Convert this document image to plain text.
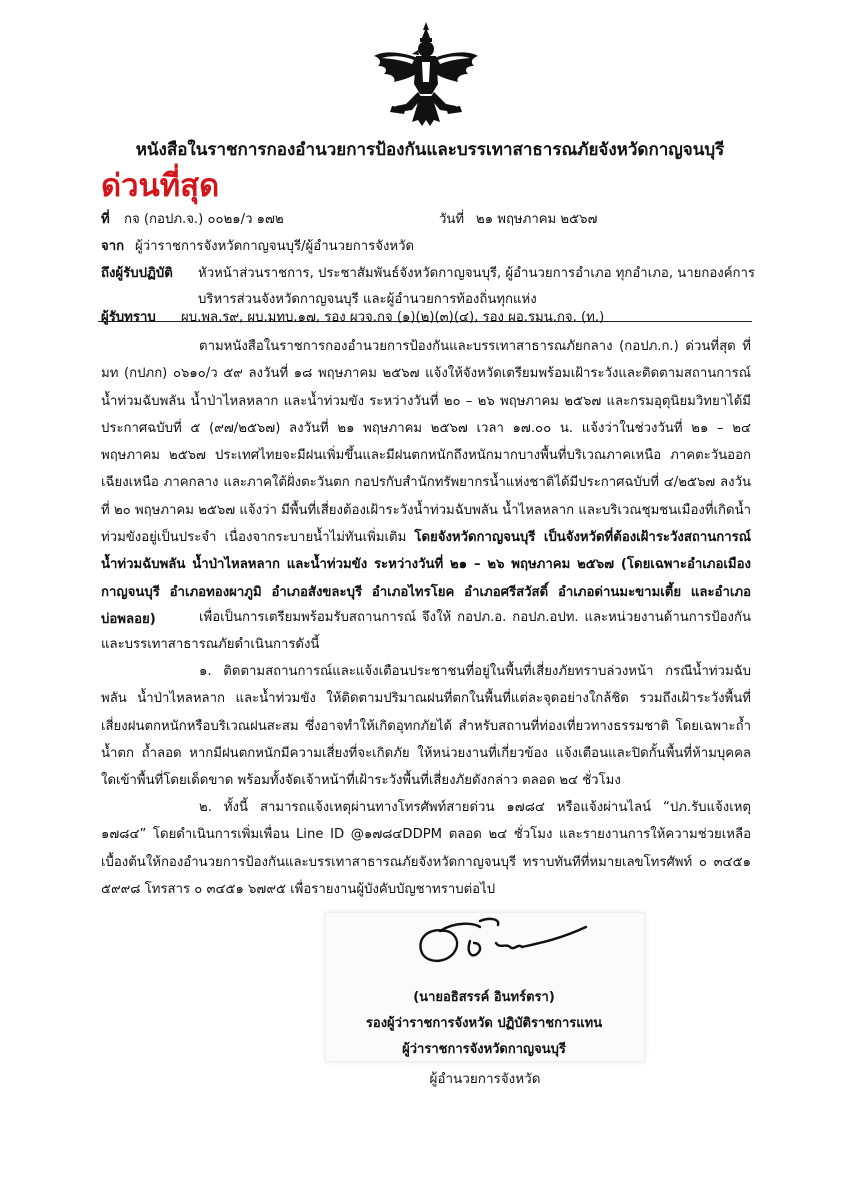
หนังสือในราชการกองอำนวยการป้องกันและบรรเทาสาธารณภัยจังหวัดกาญจนบุรี
ด่วนที่สุด
ที่ กจ (กอปภ.จ.) ๐๐๒๑/ว ๑๗๒	วันที่ ๒๑ พฤษภาคม ๒๕๖๗
จาก ผู้ว่าราชการจังหวัดกาญจนบุรี/ผู้อำนวยการจังหวัด
ถึงผู้รับปฏิบัติ หัวหน้าส่วนราชการ, ประชาสัมพันธ์จังหวัดกาญจนบุรี, ผู้อำนวยการอำเภอ ทุกอำเภอ, นายกองค์การ
บริหารส่วนจังหวัดกาญจนบุรี และผู้อำนวยการท้องถิ่นทุกแห่ง
ผู้รับทราบ ผบ.พล.ร๙, ผบ.มทบ.๑๗, รอง ผวจ.กจ (๑)(๒)(๓)(๔), รอง ผอ.รมน.กจ. (ท.)
ตามหนังสือในราชการกองอำนวยการป้องกันและบรรเทาสาธารณภัยกลาง (กอปภ.ก.) ด่วนที่สุด ที่ มท (กปภก) ๐๖๑๐/ว ๕๙ ลงวันที่ ๑๘ พฤษภาคม ๒๕๖๗ แจ้งให้จังหวัดเตรียมพร้อมเฝ้าระวังและติดตามสถานการณ์น้ำท่วมฉับพลัน น้ำป่าไหลหลาก และน้ำท่วมขัง ระหว่างวันที่ ๒๐ – ๒๖ พฤษภาคม ๒๕๖๗ และกรมอุตุนิยมวิทยาได้มีประกาศฉบับที่ ๕ (๙๗/๒๕๖๗) ลงวันที่ ๒๑ พฤษภาคม ๒๕๖๗ เวลา ๑๗.๐๐ น. แจ้งว่าในช่วงวันที่ ๒๑ – ๒๔ พฤษภาคม ๒๕๖๗ ประเทศไทยจะมีฝนเพิ่มขึ้นและมีฝนตกหนักถึงหนักมากบางพื้นที่บริเวณภาคเหนือ ภาคตะวันออกเฉียงเหนือ ภาคกลาง และภาคใต้ฝั่งตะวันตก กอปรกับสำนักทรัพยากรน้ำแห่งชาติได้มีประกาศฉบับที่ ๔/๒๕๖๗ ลงวันที่ ๒๐ พฤษภาคม ๒๕๖๗ แจ้งว่า มีพื้นที่เสี่ยงต้องเฝ้าระวังน้ำท่วมฉับพลัน น้ำไหลหลาก และบริเวณชุมชนเมืองที่เกิดน้ำท่วมขังอยู่เป็นประจำ เนื่องจากระบายน้ำไม่ทันเพิ่มเติม โดยจังหวัดกาญจนบุรี เป็นจังหวัดที่ต้องเฝ้าระวังสถานการณ์น้ำท่วมฉับพลัน น้ำป่าไหลหลาก และน้ำท่วมขัง ระหว่างวันที่ ๒๑ – ๒๖ พฤษภาคม ๒๕๖๗ (โดยเฉพาะอำเภอเมืองกาญจนบุรี อำเภอทองผาภูมิ อำเภอสังขละบุรี อำเภอไทรโยค อำเภอศรีสวัสดิ์ อำเภอด่านมะขามเตี้ย และอำเภอบ่อพลอย)	เพื่อเป็นการเตรียมพร้อมรับสถานการณ์ จึงให้ กอปภ.อ. กอปภ.อปท. และหน่วยงานด้านการป้องกันและบรรเทาสาธารณภัยดำเนินการดังนี้
๑. ติดตามสถานการณ์และแจ้งเตือนประชาชนที่อยู่ในพื้นที่เสี่ยงภัยทราบล่วงหน้า กรณีน้ำท่วมฉับพลัน น้ำป่าไหลหลาก และน้ำท่วมขัง ให้ติดตามปริมาณฝนที่ตกในพื้นที่แต่ละจุดอย่างใกล้ชิด รวมถึงเฝ้าระวังพื้นที่เสี่ยงฝนตกหนักหรือบริเวณฝนสะสม ซึ่งอาจทำให้เกิดอุทกภัยได้ สำหรับสถานที่ท่องเที่ยวทางธรรมชาติ โดยเฉพาะถ้ำน้ำตก ถ้ำลอด หากมีฝนตกหนักมีความเสี่ยงที่จะเกิดภัย ให้หน่วยงานที่เกี่ยวข้อง แจ้งเตือนและปิดกั้นพื้นที่ห้ามบุคคลใดเข้าพื้นที่โดยเด็ดขาด พร้อมทั้งจัดเจ้าหน้าที่เฝ้าระวังพื้นที่เสี่ยงภัยดังกล่าว ตลอด ๒๔ ชั่วโมง
๒. ทั้งนี้ สามารถแจ้งเหตุผ่านทางโทรศัพท์สายด่วน ๑๗๘๔ หรือแจ้งผ่านไลน์ “ปภ.รับแจ้งเหตุ ๑๗๘๔” โดยดำเนินการเพิ่มเพื่อน Line ID @๑๗๘๔DDPM ตลอด ๒๔ ชั่วโมง และรายงานการให้ความช่วยเหลือเบื้องต้นให้กองอำนวยการป้องกันและบรรเทาสาธารณภัยจังหวัดกาญจนบุรี ทราบทันทีที่หมายเลขโทรศัพท์ ๐ ๓๔๕๑ ๕๙๙๘ โทรสาร ๐ ๓๔๕๑ ๖๗๙๕ เพื่อรายงานผู้บังคับบัญชาทราบต่อไป
(นายอธิสรรค์ อินทร์ตรา)
รองผู้ว่าราชการจังหวัด ปฏิบัติราชการแทน
ผู้ว่าราชการจังหวัดกาญจนบุรี
ผู้อำนวยการจังหวัด
